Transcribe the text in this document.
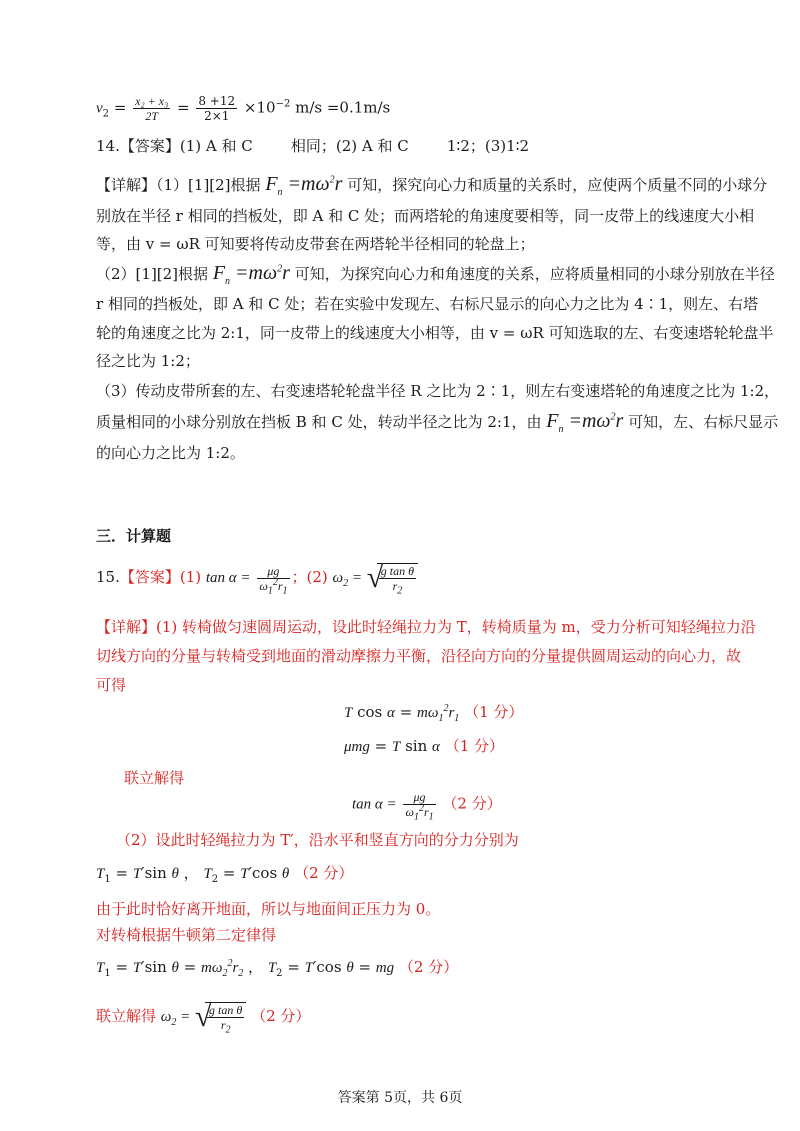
$v_2 = \frac{\text{x₂ + x₃}}{2T} = \frac{8 +12}{2\times 1} \times 10^{-2}$ m/s =0.1m/s
14.【答案】(1) A 和 C        相同；(2) A 和 C        1∶2；(3)1∶2
【详解】（1）[1][2]根据 $F_n =m\omega^2r$ 可知，探究向心力和质量的关系时，应使两个质量不同的小球分
别放在半径 r 相同的挡板处，即 A 和 C 处；而两塔轮的角速度要相等，同一皮带上的线速度大小相
等，由 v = ωR 可知要将传动皮带套在两塔轮半径相同的轮盘上；
（2）[1][2]根据 $F_n =m\omega^2r$ 可知，为探究向心力和角速度的关系，应将质量相同的小球分别放在半径
r 相同的挡板处，即 A 和 C 处；若在实验中发现左、右标尺显示的向心力之比为 4∶1，则左、右塔
轮的角速度之比为 2:1，同一皮带上的线速度大小相等，由 v = ωR 可知选取的左、右变速塔轮轮盘半
径之比为 1:2；
（3）传动皮带所套的左、右变速塔轮轮盘半径 R 之比为 2∶1，则左右变速塔轮的角速度之比为 1:2，
质量相同的小球分别放在挡板 B 和 C 处，转动半径之比为 2:1，由 $F_n =m\omega^2r$ 可知，左、右标尺显示
的向心力之比为 1:2。
三．计算题
15.【答案】(1) $\tan \alpha = \frac{\mu g}{\omega_1^2r_1}$ ；(2) $\omega_2$ = √
$\frac{\text{g tan θ}}{r_2}$
【详解】(1) 转椅做匀速圆周运动，设此时轻绳拉力为 T，转椅质量为 m，受力分析可知轻绳拉力沿
切线方向的分量与转椅受到地面的滑动摩擦力平衡，沿径向方向的分量提供圆周运动的向心力，故
可得
T $\cos \alpha = m\omega_1^2r_1$ （1 分）
μmg = T sin α （1 分）
联立解得
$\tan \alpha = \frac{\mu g}{\omega_1^2r_1} (2$ 分）
（2）设此时轻绳拉力为 T′，沿水平和竖直方向的分力分别为
$T_1 = T'\sin$ θ ， $T_2 = T'\cos$ θ （2 分）
由于此时恰好离开地面，所以与地面间正压力为 0。
对转椅根据牛顿第二定律得
$T_1 = T'\sin$ $\theta = m\omega_2^2r_2$ ， $T_2 = T'\cos$ θ = mg （2 分）
联立解得 $\omega_2$ = √
$\frac{\text{g tan θ}}{r_2} (2$ 分）
答案第 5页，共 6页
